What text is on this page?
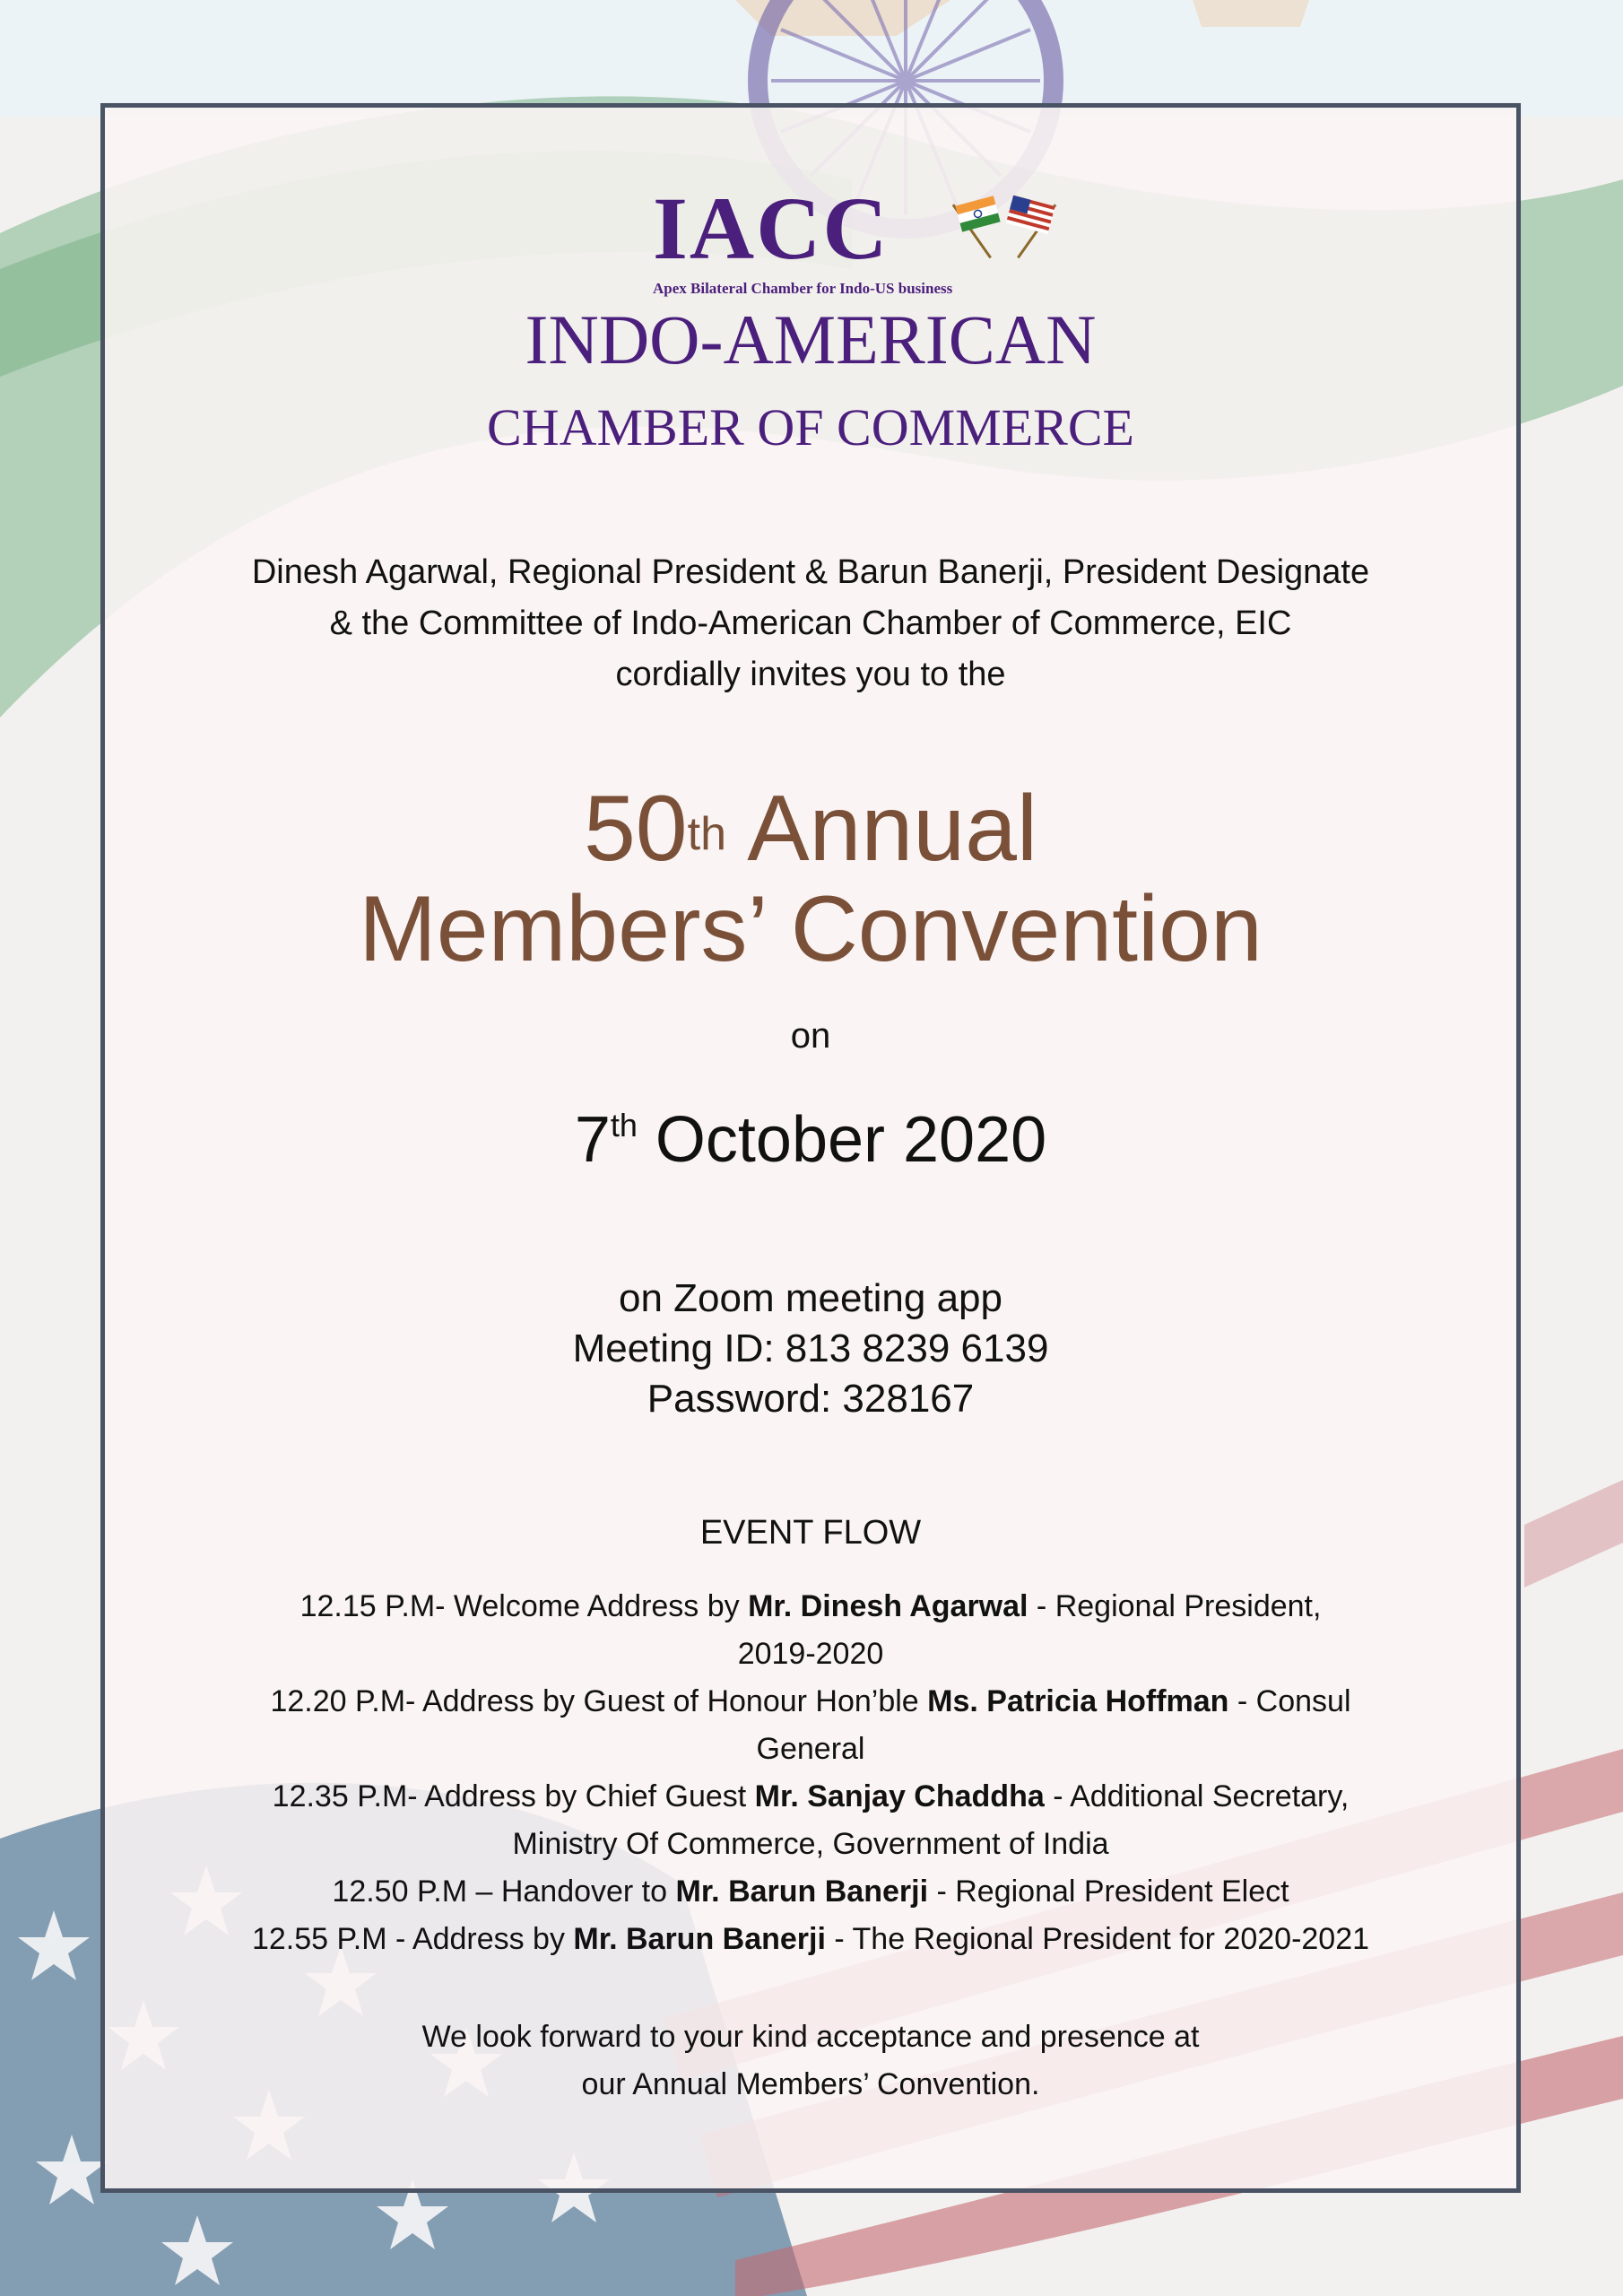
IACC
Apex Bilateral Chamber for Indo-US business
INDO-AMERICAN
CHAMBER OF COMMERCE
Dinesh Agarwal, Regional President & Barun Banerji, President Designate
& the Committee of Indo-American Chamber of Commerce, EIC
cordially invites you to the
50th Annual
Members’ Convention
on
7th October 2020
on Zoom meeting app
Meeting ID: 813 8239 6139
Password: 328167
EVENT FLOW
12.15 P.M- Welcome Address by Mr. Dinesh Agarwal - Regional President,
2019-2020
12.20 P.M- Address by Guest of Honour Hon’ble Ms. Patricia Hoffman - Consul
General
12.35 P.M- Address by Chief Guest Mr. Sanjay Chaddha - Additional Secretary,
Ministry Of Commerce, Government of India
12.50 P.M – Handover to Mr. Barun Banerji - Regional President Elect
12.55 P.M - Address by Mr. Barun Banerji - The Regional President for 2020-2021
We look forward to your kind acceptance and presence at
our Annual Members’ Convention.
